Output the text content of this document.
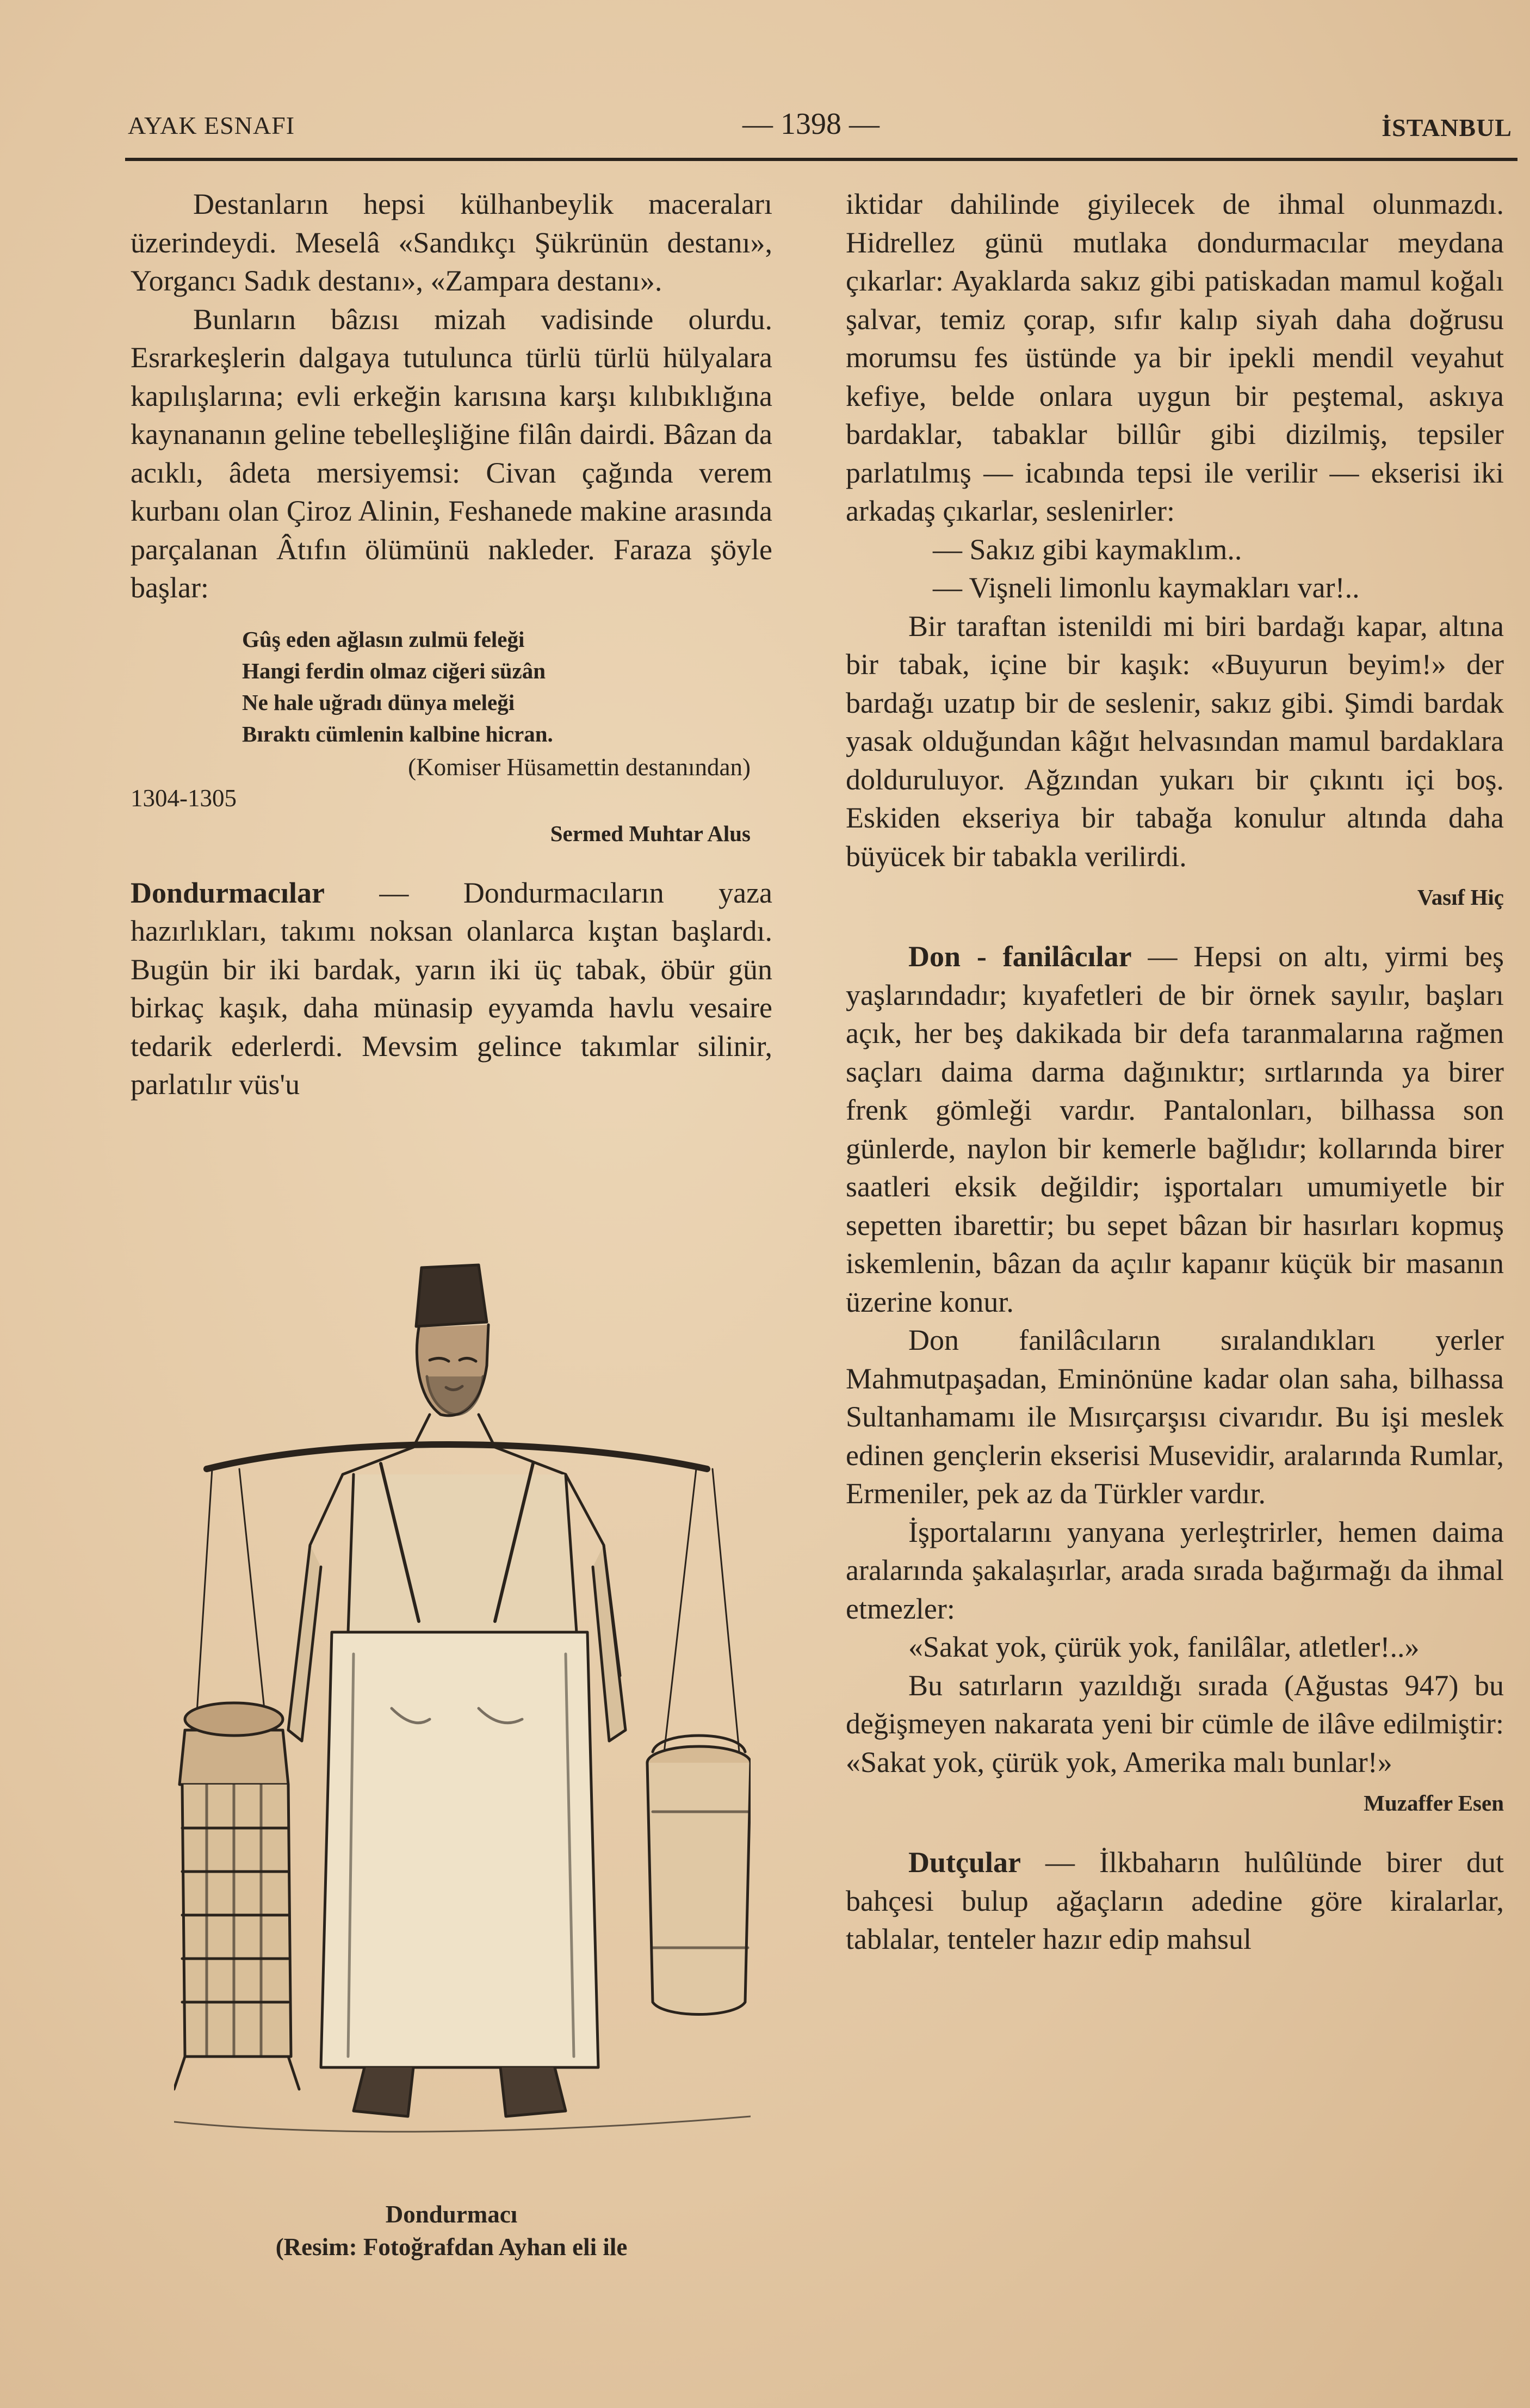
AYAK ESNAFI	— 1398 —	İSTANBUL

Destanların hepsi külhanbeylik maceraları üzerindeydi. Meselâ «Sandıkçı Şükrünün destanı», Yorgancı Sadık destanı», «Zampara destanı».

Bunların bâzısı mizah vadisinde olurdu. Esrarkeşlerin dalgaya tutulunca türlü türlü hülyalara kapılışlarına; evli erkeğin karısına karşı kılıbıklığına kaynananın geline tebelleşliğine filân dairdi. Bâzan da acıklı, âdeta mersiyemsi: Civan çağında verem kurbanı olan Çiroz Alinin, Feshanede makine arasında parçalanan Âtıfın ölümünü nakleder. Faraza şöyle başlar:

Gûş eden ağlasın zulmü feleği
Hangi ferdin olmaz ciğeri süzân
Ne hale uğradı dünya meleği
Bıraktı cümlenin kalbine hicran.
(Komiser Hüsamettin destanından)
1304-1305
Sermed Muhtar Alus

Dondurmacılar — Dondurmacıların yaza hazırlıkları, takımı noksan olanlarca kıştan başlardı. Bugün bir iki bardak, yarın iki üç tabak, öbür gün birkaç kaşık, daha münasip eyyamda havlu vesaire tedarik ederlerdi. Mevsim gelince takımlar silinir, parlatılır vüs'u

Dondurmacı
(Resim: Fotoğrafdan Ayhan eli ile

iktidar dahilinde giyilecek de ihmal olunmazdı. Hidrellez günü mutlaka dondurmacılar meydana çıkarlar: Ayaklarda sakız gibi patiskadan mamul koğalı şalvar, temiz çorap, sıfır kalıp siyah daha doğrusu morumsu fes üstünde ya bir ipekli mendil veyahut kefiye, belde onlara uygun bir peştemal, askıya bardaklar, tabaklar billûr gibi dizilmiş, tepsiler parlatılmış — icabında tepsi ile verilir — ekserisi iki arkadaş çıkarlar, seslenirler:

— Sakız gibi kaymaklım..

— Vişneli limonlu kaymakları var!..

Bir taraftan istenildi mi biri bardağı kapar, altına bir tabak, içine bir kaşık: «Buyurun beyim!» der bardağı uzatıp bir de seslenir, sakız gibi. Şimdi bardak yasak olduğundan kâğıt helvasından mamul bardaklara dolduruluyor. Ağzından yukarı bir çıkıntı içi boş. Eskiden ekseriya bir tabağa konulur altında daha büyücek bir tabakla verilirdi.

Vasıf Hiç

Don - fanilâcılar — Hepsi on altı, yirmi beş yaşlarındadır; kıyafetleri de bir örnek sayılır, başları açık, her beş dakikada bir defa taranmalarına rağmen saçları daima darma dağınıktır; sırtlarında ya birer frenk gömleği vardır. Pantalonları, bilhassa son günlerde, naylon bir kemerle bağlıdır; kollarında birer saatleri eksik değildir; işportaları umumiyetle bir sepetten ibarettir; bu sepet bâzan bir hasırları kopmuş iskemlenin, bâzan da açılır kapanır küçük bir masanın üzerine konur.

Don fanilâcıların sıralandıkları yerler Mahmutpaşadan, Eminönüne kadar olan saha, bilhassa Sultanhamamı ile Mısırçarşısı civarıdır. Bu işi meslek edinen gençlerin ekserisi Musevidir, aralarında Rumlar, Ermeniler, pek az da Türkler vardır.

İşportalarını yanyana yerleştrirler, hemen daima aralarında şakalaşırlar, arada sırada bağırmağı da ihmal etmezler:

«Sakat yok, çürük yok, fanilâlar, atletler!..»

Bu satırların yazıldığı sırada (Ağustas 947) bu değişmeyen nakarata yeni bir cümle de ilâve edilmiştir: «Sakat yok, çürük yok, Amerika malı bunlar!»

Muzaffer Esen

Dutçular — İlkbaharın hulûlünde birer dut bahçesi bulup ağaçların adedine göre kiralarlar, tablalar, tenteler hazır edip mahsul
